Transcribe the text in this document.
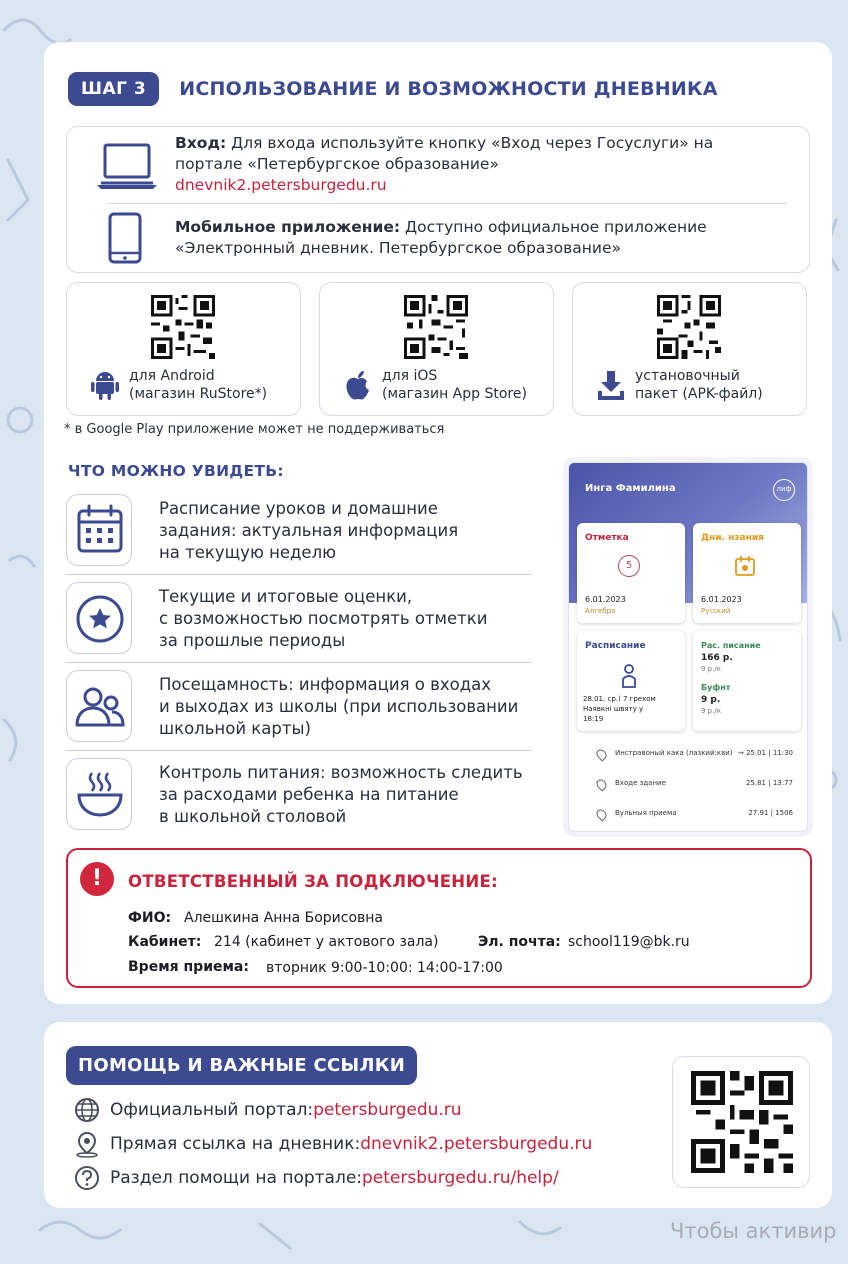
ШАГ 3	ИСПОЛЬЗОВАНИЕ И ВОЗМОЖНОСТИ ДНЕВНИКА
Вход: Для входа используйте кнопку «Вход через Госуслуги» на портале «Петербургское образование»
dnevnik2.petersburgedu.ru
Мобильное приложение: Доступно официальное приложение «Электронный дневник. Петербургское образование»
для Android
(магазин RuStore*)
для iOS
(магазин App Store)
установочный
пакет (APK-файл)
* в Google Play приложение может не поддерживаться
ЧТО МОЖНО УВИДЕТЬ:
Расписание уроков и домашние
задания: актуальная информация
на текущую неделю
Текущие и итоговые оценки,
с возможностью посмотрять отметки
за прошлые периоды
Посещамность: информация о входах
и выходах из школы (при использовании
школьной карты)
Контроль питания: возможность следить
за расходами ребенка на питание
в школьной столовой
Инга Фамилина	лиф
Отметка
5
6.01.2023
Алгебра
Дни. нзания
6.01.2023
Русский
Расписание
28.01. ср.) 7 грехом
Наявкні швяту у
18:19
Рас. писание
166 р.
9 р./к
Буфнт
9 р.
9 р./к
Инстравоный кака (лазкий:кви) → 25.01 | 11:30
Входе здание	25.81 | 13:77
Вульныя приема	27.91 | 1506
!	ОТВЕТСТВЕННЫЙ ЗА ПОДКЛЮЧЕНИЕ:
ФИО: Алешкина Анна Борисовна
Кабинет: 214 (кабинет у актового зала)	Эл. почта: school119@bk.ru
Время приема: вторник 9:00-10:00: 14:00-17:00
ПОМОЩЬ И ВАЖНЫЕ ССЫЛКИ
Официальный портал: petersburgedu.ru
Прямая ссылка на дневник: dnevnik2.petersburgedu.ru
Раздел помощи на портале: petersburgedu.ru/help/
Чтобы активир
